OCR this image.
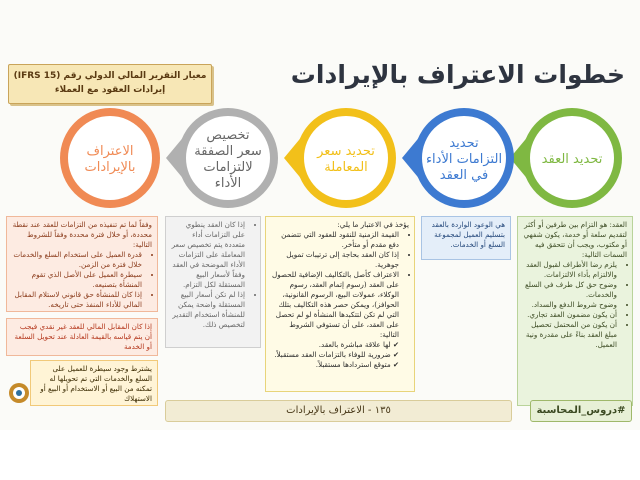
خطوات الاعتراف بالإيرادات
معيار التقرير المالي الدولي رقم (IFRS 15)
إيرادات العقود مع العملاء
تحديد العقد
تحديد
التزامات الأداء
في العقد
تحديد سعر
المعاملة
تخصيص
سعر الصفقة
لالتزامات
الأداء
الاعتراف
بالإيرادات
العقد: هو التزام بين طرفين أو أكثر لتقديم سلعة أو خدمة، يكون شفهي أو مكتوب، ويجب أن تتحقق فيه السمات التالية:
• يلزم رضا الأطراف لقبول العقد والالتزام بأداء الالتزامات.
• وضوح حق كل طرف في السلع والخدمات.
• وضوح شروط الدفع والسداد.
• أن يكون مضمون العقد تجاري.
• أن يكون من المحتمل تحصيل مبلغ العقد بناءً على مقدرة ونية العميل.
هي الوعود الواردة بالعقد بتسليم العميل لمجموعة السلع أو الخدمات.
يؤخذ في الاعتبار ما يلي:
• القيمة الزمنية للنقود للعقود التي تتضمن دفع مقدم أو متأخر.
• إذا كان العقد بحاجة إلى ترتيبات تمويل جوهرية.
• الاعتراف كأصل بالتكاليف الإضافية للحصول على العقد (رسوم إتمام العقد، رسوم الوكلاء، عمولات البيع، الرسوم القانونية، الحوافز)، ويمكن حصر هذه التكاليف بتلك التي لم تكن لتتكبدها المنشأة لو لم تحصل على العقد، على أن تستوفي الشروط التالية:
✔ لها علاقة مباشرة بالعقد.
✔ ضرورية للوفاء بالتزامات العقد مستقبلاً.
✔ متوقع استردادها مستقبلاً.
• إذا كان العقد ينطوي على التزامات أداء متعددة يتم تخصيص سعر المعاملة على التزامات الأداء الموضحة في العقد وفقاً لأسعار البيع المستقلة لكل التزام.
• إذا لم تكن أسعار البيع المستقلة واضحة يمكن للمنشأة استخدام التقدير لتخصيص ذلك.
وفقاً لما تم تنفيذه من التزامات للعقد عند نقطة محددة، أو خلال فترة محددة وفقاً للشروط التالية:
• قدرة العميل على استخدام السلع والخدمات خلال فترة من الزمن.
• سيطرة العميل على الأصل الذي تقوم المنشأة بتصنيعه.
• إذا كان للمنشأة حق قانوني لاستلام المقابل المالي للأداء المنفذ حتى تاريخه.
إذا كان المقابل المالي للعقد غير نقدي فيجب أن يتم قياسه بالقيمة العادلة عند تحويل السلعة أو الخدمة
يشترط وجود سيطرة للعميل على السلع والخدمات التي تم تحويلها له تمكنه من البيع أو الاستخدام أو البيع أو الاستهلاك
١٣٥ - الاعتراف بالإيرادات	#دروس_المحاسبة
